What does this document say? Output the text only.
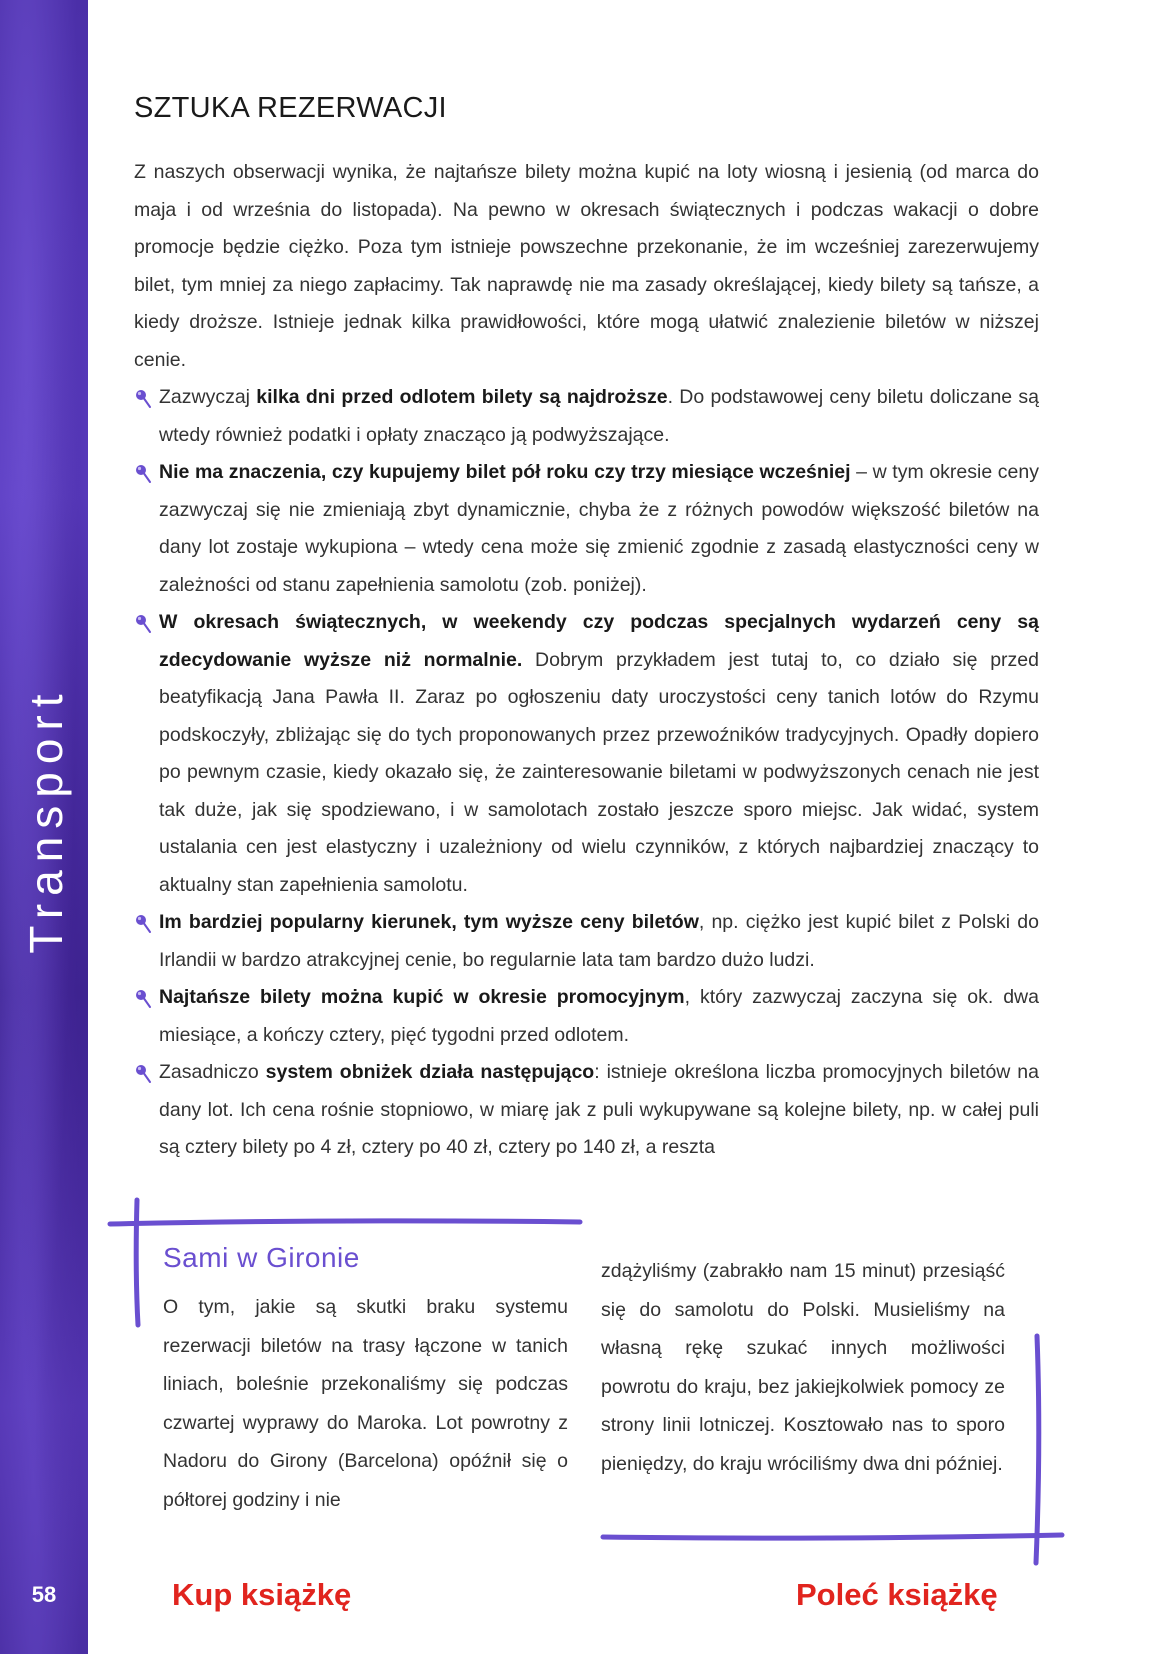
Transport
58
SZTUKA REZERWACJI

Z naszych obserwacji wynika, że najtańsze bilety można kupić na loty wiosną i jesienią (od marca do maja i od września do listopada). Na pewno w okresach świątecznych i podczas wakacji o dobre promocje będzie ciężko. Poza tym istnieje powszechne przekonanie, że im wcześniej zarezerwujemy bilet, tym mniej za niego zapłacimy. Tak naprawdę nie ma zasady określającej, kiedy bilety są tańsze, a kiedy droższe. Istnieje jednak kilka prawidłowości, które mogą ułatwić znalezienie biletów w niższej cenie.

Zazwyczaj kilka dni przed odlotem bilety są najdroższe. Do podstawowej ceny biletu doliczane są wtedy również podatki i opłaty znacząco ją podwyższające.
Nie ma znaczenia, czy kupujemy bilet pół roku czy trzy miesiące wcześniej – w tym okresie ceny zazwyczaj się nie zmieniają zbyt dynamicznie, chyba że z różnych powodów większość biletów na dany lot zostaje wykupiona – wtedy cena może się zmienić zgodnie z zasadą elastyczności ceny w zależności od stanu zapełnienia samolotu (zob. poniżej).
W okresach świątecznych, w weekendy czy podczas specjalnych wydarzeń ceny są zdecydowanie wyższe niż normalnie. Dobrym przykładem jest tutaj to, co działo się przed beatyfikacją Jana Pawła II. Zaraz po ogłoszeniu daty uroczystości ceny tanich lotów do Rzymu podskoczyły, zbliżając się do tych proponowanych przez przewoźników tradycyjnych. Opadły dopiero po pewnym czasie, kiedy okazało się, że zainteresowanie biletami w podwyższonych cenach nie jest tak duże, jak się spodziewano, i w samolotach zostało jeszcze sporo miejsc. Jak widać, system ustalania cen jest elastyczny i uzależniony od wielu czynników, z których najbardziej znaczący to aktualny stan zapełnienia samolotu.
Im bardziej popularny kierunek, tym wyższe ceny biletów, np. ciężko jest kupić bilet z Polski do Irlandii w bardzo atrakcyjnej cenie, bo regularnie lata tam bardzo dużo ludzi.
Najtańsze bilety można kupić w okresie promocyjnym, który zazwyczaj zaczyna się ok. dwa miesiące, a kończy cztery, pięć tygodni przed odlotem.
Zasadniczo system obniżek działa następująco: istnieje określona liczba promocyjnych biletów na dany lot. Ich cena rośnie stopniowo, w miarę jak z puli wykupywane są kolejne bilety, np. w całej puli są cztery bilety po 4 zł, cztery po 40 zł, cztery po 140 zł, a reszta
Sami w Gironie

O tym, jakie są skutki braku systemu rezerwacji biletów na trasy łączone w tanich liniach, boleśnie przekonaliśmy się podczas czwartej wyprawy do Maroka. Lot powrotny z Nadoru do Girony (Barcelona) opóźnił się o półtorej godziny i nie

zdążyliśmy (zabrakło nam 15 minut) przesiąść się do samolotu do Polski. Musieliśmy na własną rękę szukać innych możliwości powrotu do kraju, bez jakiejkolwiek pomocy ze strony linii lotniczej. Kosztowało nas to sporo pieniędzy, do kraju wróciliśmy dwa dni później.

Kup książkę	Poleć książkę
